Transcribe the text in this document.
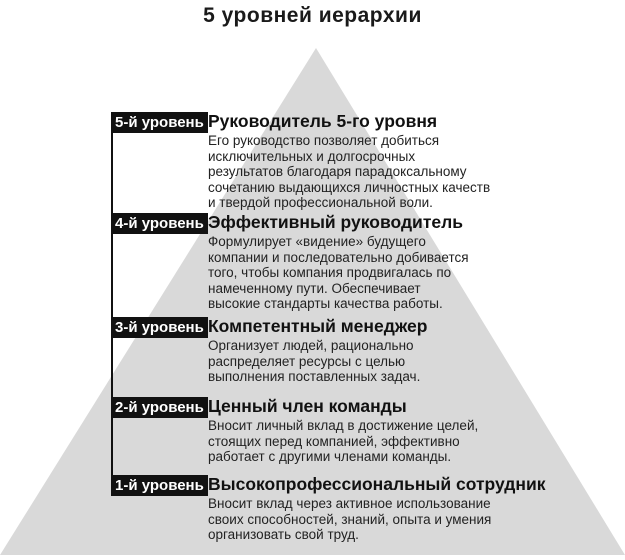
5 уровней иерархии
5-й уровень Руководитель 5-го уровня
Его руководство позволяет добиться
исключительных и долгосрочных
результатов благодаря парадоксальному
сочетанию выдающихся личностных качеств
и твердой профессиональной воли.
4-й уровень Эффективный руководитель
Формулирует «видение» будущего
компании и последовательно добивается
того, чтобы компания продвигалась по
намеченному пути. Обеспечивает
высокие стандарты качества работы.
3-й уровень Компетентный менеджер
Организует людей, рационально
распределяет ресурсы с целью
выполнения поставленных задач.
2-й уровень Ценный член команды
Вносит личный вклад в достижение целей,
стоящих перед компанией, эффективно
работает с другими членами команды.
1-й уровень Высокопрофессиональный сотрудник
Вносит вклад через активное использование
своих способностей, знаний, опыта и умения
организовать свой труд.
